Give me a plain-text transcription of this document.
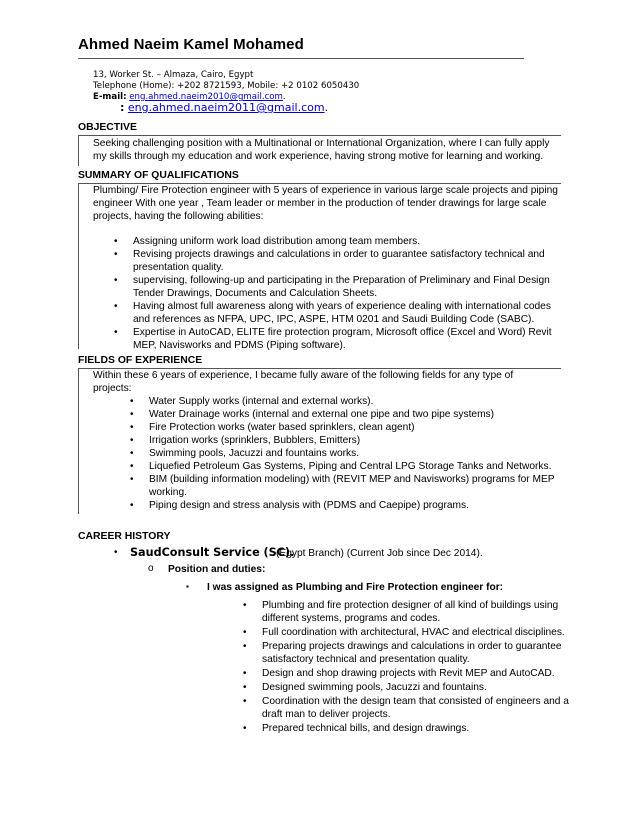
Ahmed Naeim Kamel Mohamed
13, Worker St. – Almaza, Cairo, Egypt
Telephone (Home): +202 8721593, Mobile: +2 0102 6050430
E-mail: eng.ahmed.naeim2010@gmail.com.
: eng.ahmed.naeim2011@gmail.com.
OBJECTIVE
Seeking challenging position with a Multinational or International Organization, where I can fully apply my skills through my education and work experience, having strong motive for learning and working.
SUMMARY OF QUALIFICATIONS
Plumbing/ Fire Protection engineer with 5 years of experience in various large scale projects and piping engineer With one year , Team leader or member in the production of tender drawings for large scale projects, having the following abilities:
• Assigning uniform work load distribution among team members.
• Revising projects drawings and calculations in order to guarantee satisfactory technical and presentation quality.
• supervising, following-up and participating in the Preparation of Preliminary and Final Design Tender Drawings, Documents and Calculation Sheets.
• Having almost full awareness along with years of experience dealing with international codes and references as NFPA, UPC, IPC, ASPE, HTM 0201 and Saudi Building Code (SABC).
• Expertise in AutoCAD, ELITE fire protection program, Microsoft office (Excel and Word) Revit MEP, Navisworks and PDMS (Piping software).
FIELDS OF EXPERIENCE
Within these 6 years of experience, I became fully aware of the following fields for any type of projects:
• Water Supply works (internal and external works).
• Water Drainage works (internal and external one pipe and two pipe systems)
• Fire Protection works (water based sprinklers, clean agent)
• Irrigation works (sprinklers, Bubblers, Emitters)
• Swimming pools, Jacuzzi and fountains works.
• Liquefied Petroleum Gas Systems, Piping and Central LPG Storage Tanks and Networks.
• BIM (building information modeling) with (REVIT MEP and Navisworks) programs for MEP working.
• Piping design and stress analysis with (PDMS and Caepipe) programs.
CAREER HISTORY
• SaudConsult Service (SC).
(Egypt Branch) (Current Job since Dec 2014).
o Position and duties:
▪ I was assigned as Plumbing and Fire Protection engineer for:
• Plumbing and fire protection designer of all kind of buildings using different systems, programs and codes.
• Full coordination with architectural, HVAC and electrical disciplines.
• Preparing projects drawings and calculations in order to guarantee satisfactory technical and presentation quality.
• Design and shop drawing projects with Revit MEP and AutoCAD.
• Designed swimming pools, Jacuzzi and fountains.
• Coordination with the design team that consisted of engineers and a draft man to deliver projects.
• Prepared technical bills, and design drawings.
